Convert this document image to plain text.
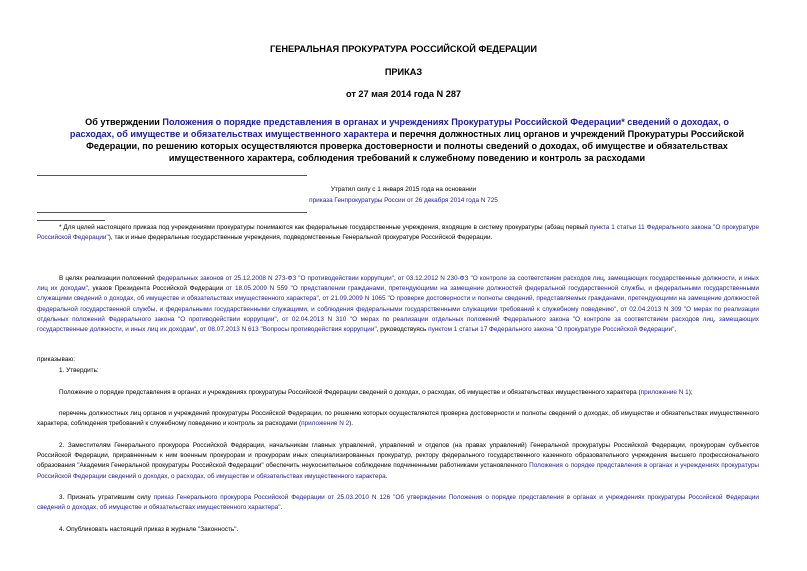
ГЕНЕРАЛЬНАЯ ПРОКУРАТУРА РОССИЙСКОЙ ФЕДЕРАЦИИ
ПРИКАЗ
от 27 мая 2014 года N 287
Об утверждении Положения о порядке представления в органах и учреждениях Прокуратуры Российской Федерации* сведений о доходах, о расходах, об имуществе и обязательствах имущественного характера и перечня должностных лиц органов и учреждений Прокуратуры Российской Федерации, по решению которых осуществляются проверка достоверности и полноты сведений о доходах, об имуществе и обязательствах имущественного характера, соблюдения требований к служебному поведению и контроль за расходами
Утратил силу с 1 января 2015 года на основании
приказа Генпрокуратуры России от 26 декабря 2014 года N 725

* Для целей настоящего приказа под учреждениями прокуратуры понимаются как федеральные государственные учреждения, входящие в систему прокуратуры (абзац первый пункта 1 статьи 11 Федерального закона "О прокуратуре Российской Федерации"), так и иные федеральные государственные учреждения, подведомственные Генеральной прокуратуре Российской Федерации.

В целях реализации положений федеральных законов от 25.12.2008 N 273-ФЗ "О противодействии коррупции", от 03.12.2012 N 230-ФЗ "О контроле за соответствием расходов лиц, замещающих государственные должности, и иных лиц их доходам", указов Президента Российской Федерации от 18.05.2009 N 559 "О представлении гражданами, претендующими на замещение должностей федеральной государственной службы, и федеральными государственными служащими сведений о доходах, об имуществе и обязательствах имущественного характера", от 21.09.2009 N 1065 "О проверке достоверности и полноты сведений, представляемых гражданами, претендующими на замещение должностей федеральной государственной службы, и федеральными государственными служащими, и соблюдения федеральными государственными служащими требований к служебному поведению", от 02.04.2013 N 309 "О мерах по реализации отдельных положений Федерального закона "О противодействии коррупции", от 02.04.2013 N 310 "О мерах по реализации отдельных положений Федерального закона "О контроле за соответствием расходов лиц, замещающих государственные должности, и иных лиц их доходам", от 08.07.2013 N 613 "Вопросы противодействия коррупции", руководствуясь пунктом 1 статьи 17 Федерального закона "О прокуратуре Российской Федерации",

приказываю:

1. Утвердить:

Положение о порядке представления в органах и учреждениях прокуратуры Российской Федерации сведений о доходах, о расходах, об имуществе и обязательствах имущественного характера (приложение N 1);

перечень должностных лиц органов и учреждений прокуратуры Российской Федерации, по решению которых осуществляются проверка достоверности и полноты сведений о доходах, об имуществе и обязательствах имущественного характера, соблюдения требований к служебному поведению и контроль за расходами (приложение N 2).

2. Заместителям Генерального прокурора Российской Федерации, начальникам главных управлений, управлений и отделов (на правах управлений) Генеральной прокуратуры Российской Федерации, прокурорам субъектов Российской Федерации, приравненным к ним военным прокурорам и прокурорам иных специализированных прокуратур, ректору федерального государственного казенного образовательного учреждения высшего профессионального образования "Академия Генеральной прокуратуры Российской Федерации" обеспечить неукоснительное соблюдение подчиненными работниками установленного Положения о порядке представления в органах и учреждениях прокуратуры Российской Федерации сведений о доходах, о расходах, об имуществе и обязательствах имущественного характера.

3. Признать утратившим силу приказ Генерального прокурора Российской Федерации от 25.03.2010 N 126 "Об утверждении Положения о порядке представления в органах и учреждениях прокуратуры Российской Федерации сведений о доходах, об имуществе и обязательствах имущественного характера".

4. Опубликовать настоящий приказ в журнале "Законность".
